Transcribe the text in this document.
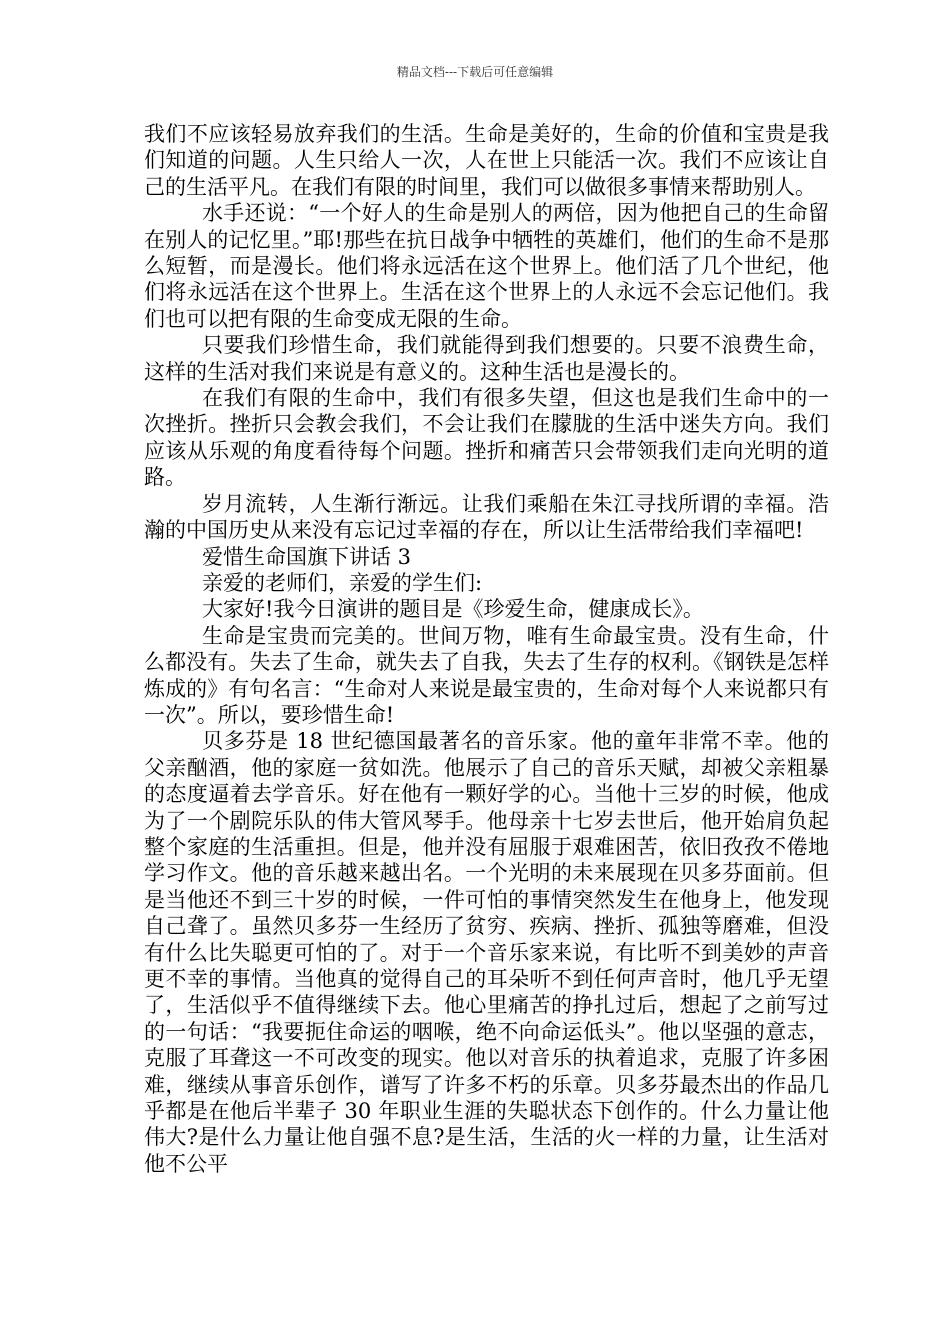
精品文档---下载后可任意编辑

我们不应该轻易放弃我们的生活。生命是美好的，生命的价值和宝贵是我们知道的问题。人生只给人一次，人在世上只能活一次。我们不应该让自己的生活平凡。在我们有限的时间里，我们可以做很多事情来帮助别人。

水手还说：“一个好人的生命是别人的两倍，因为他把自己的生命留在别人的记忆里。”耶!那些在抗日战争中牺牲的英雄们，他们的生命不是那么短暂，而是漫长。他们将永远活在这个世界上。他们活了几个世纪，他们将永远活在这个世界上。生活在这个世界上的人永远不会忘记他们。我们也可以把有限的生命变成无限的生命。

只要我们珍惜生命，我们就能得到我们想要的。只要不浪费生命，这样的生活对我们来说是有意义的。这种生活也是漫长的。

在我们有限的生命中，我们有很多失望，但这也是我们生命中的一次挫折。挫折只会教会我们，不会让我们在朦胧的生活中迷失方向。我们应该从乐观的角度看待每个问题。挫折和痛苦只会带领我们走向光明的道路。

岁月流转，人生渐行渐远。让我们乘船在朱江寻找所谓的幸福。浩瀚的中国历史从来没有忘记过幸福的存在，所以让生活带给我们幸福吧!

爱惜生命国旗下讲话 3

亲爱的老师们，亲爱的学生们:

大家好!我今日演讲的题目是《珍爱生命，健康成长》。

生命是宝贵而完美的。世间万物，唯有生命最宝贵。没有生命，什么都没有。失去了生命，就失去了自我，失去了生存的权利。《钢铁是怎样炼成的》有句名言：“生命对人来说是最宝贵的，生命对每个人来说都只有一次”。所以，要珍惜生命!

贝多芬是 18 世纪德国最著名的音乐家。他的童年非常不幸。他的父亲酗酒，他的家庭一贫如洗。他展示了自己的音乐天赋，却被父亲粗暴的态度逼着去学音乐。好在他有一颗好学的心。当他十三岁的时候，他成为了一个剧院乐队的伟大管风琴手。他母亲十七岁去世后，他开始肩负起整个家庭的生活重担。但是，他并没有屈服于艰难困苦，依旧孜孜不倦地学习作文。他的音乐越来越出名。一个光明的未来展现在贝多芬面前。但是当他还不到三十岁的时候，一件可怕的事情突然发生在他身上，他发现自己聋了。虽然贝多芬一生经历了贫穷、疾病、挫折、孤独等磨难，但没有什么比失聪更可怕的了。对于一个音乐家来说，有比听不到美妙的声音更不幸的事情。当他真的觉得自己的耳朵听不到任何声音时，他几乎无望了，生活似乎不值得继续下去。他心里痛苦的挣扎过后，想起了之前写过的一句话：“我要扼住命运的咽喉，绝不向命运低头”。他以坚强的意志，克服了耳聋这一不可改变的现实。他以对音乐的执着追求，克服了许多困难，继续从事音乐创作，谱写了许多不朽的乐章。贝多芬最杰出的作品几乎都是在他后半辈子 30 年职业生涯的失聪状态下创作的。什么力量让他伟大?是什么力量让他自强不息?是生活，生活的火一样的力量，让生活对他不公平
